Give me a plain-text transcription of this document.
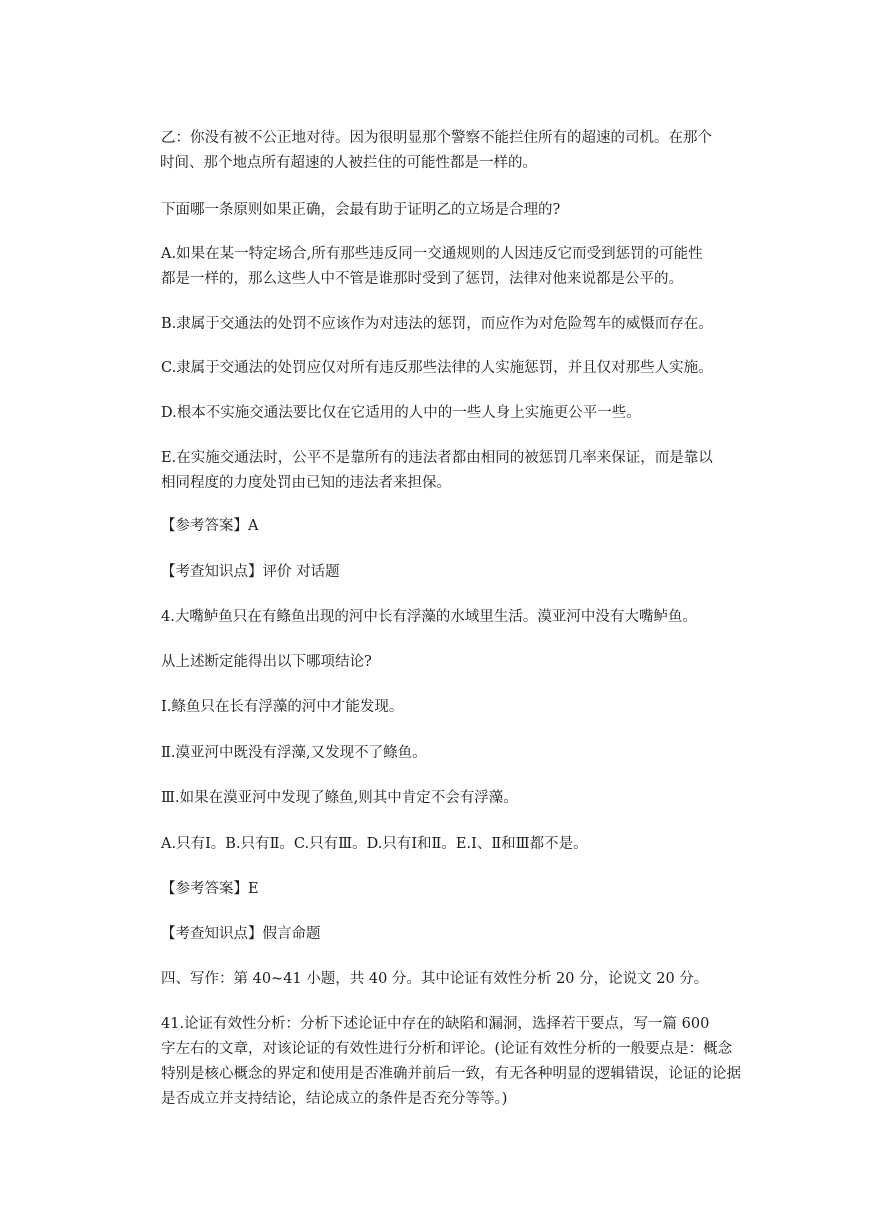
乙：你没有被不公正地对待。因为很明显那个警察不能拦住所有的超速的司机。在那个
时间、那个地点所有超速的人被拦住的可能性都是一样的。
下面哪一条原则如果正确，会最有助于证明乙的立场是合理的?
A.如果在某一特定场合,所有那些违反同一交通规则的人因违反它而受到惩罚的可能性
都是一样的，那么这些人中不管是谁那时受到了惩罚，法律对他来说都是公平的。
B.隶属于交通法的处罚不应该作为对违法的惩罚，而应作为对危险驾车的威慑而存在。
C.隶属于交通法的处罚应仅对所有违反那些法律的人实施惩罚，并且仅对那些人实施。
D.根本不实施交通法要比仅在它适用的人中的一些人身上实施更公平一些。
E.在实施交通法时，公平不是靠所有的违法者都由相同的被惩罚几率来保证，而是靠以
相同程度的力度处罚由已知的违法者来担保。
【参考答案】A
【考查知识点】评价 对话题
4.大嘴鲈鱼只在有鲦鱼出现的河中长有浮藻的水域里生活。漠亚河中没有大嘴鲈鱼。
从上述断定能得出以下哪项结论?
Ⅰ.鲦鱼只在长有浮藻的河中才能发现。
Ⅱ.漠亚河中既没有浮藻,又发现不了鲦鱼。
Ⅲ.如果在漠亚河中发现了鲦鱼,则其中肯定不会有浮藻。
A.只有Ⅰ。B.只有Ⅱ。C.只有Ⅲ。D.只有Ⅰ和Ⅱ。E.Ⅰ、Ⅱ和Ⅲ都不是。
【参考答案】E
【考查知识点】假言命题
四、写作：第 40~41 小题，共 40 分。其中论证有效性分析 20 分，论说文 20 分。
41.论证有效性分析：分析下述论证中存在的缺陷和漏洞，选择若干要点，写一篇 600
字左右的文章，对该论证的有效性进行分析和评论。(论证有效性分析的一般要点是：概念
特别是核心概念的界定和使用是否准确并前后一致，有无各种明显的逻辑错误，论证的论据
是否成立并支持结论，结论成立的条件是否充分等等。)
